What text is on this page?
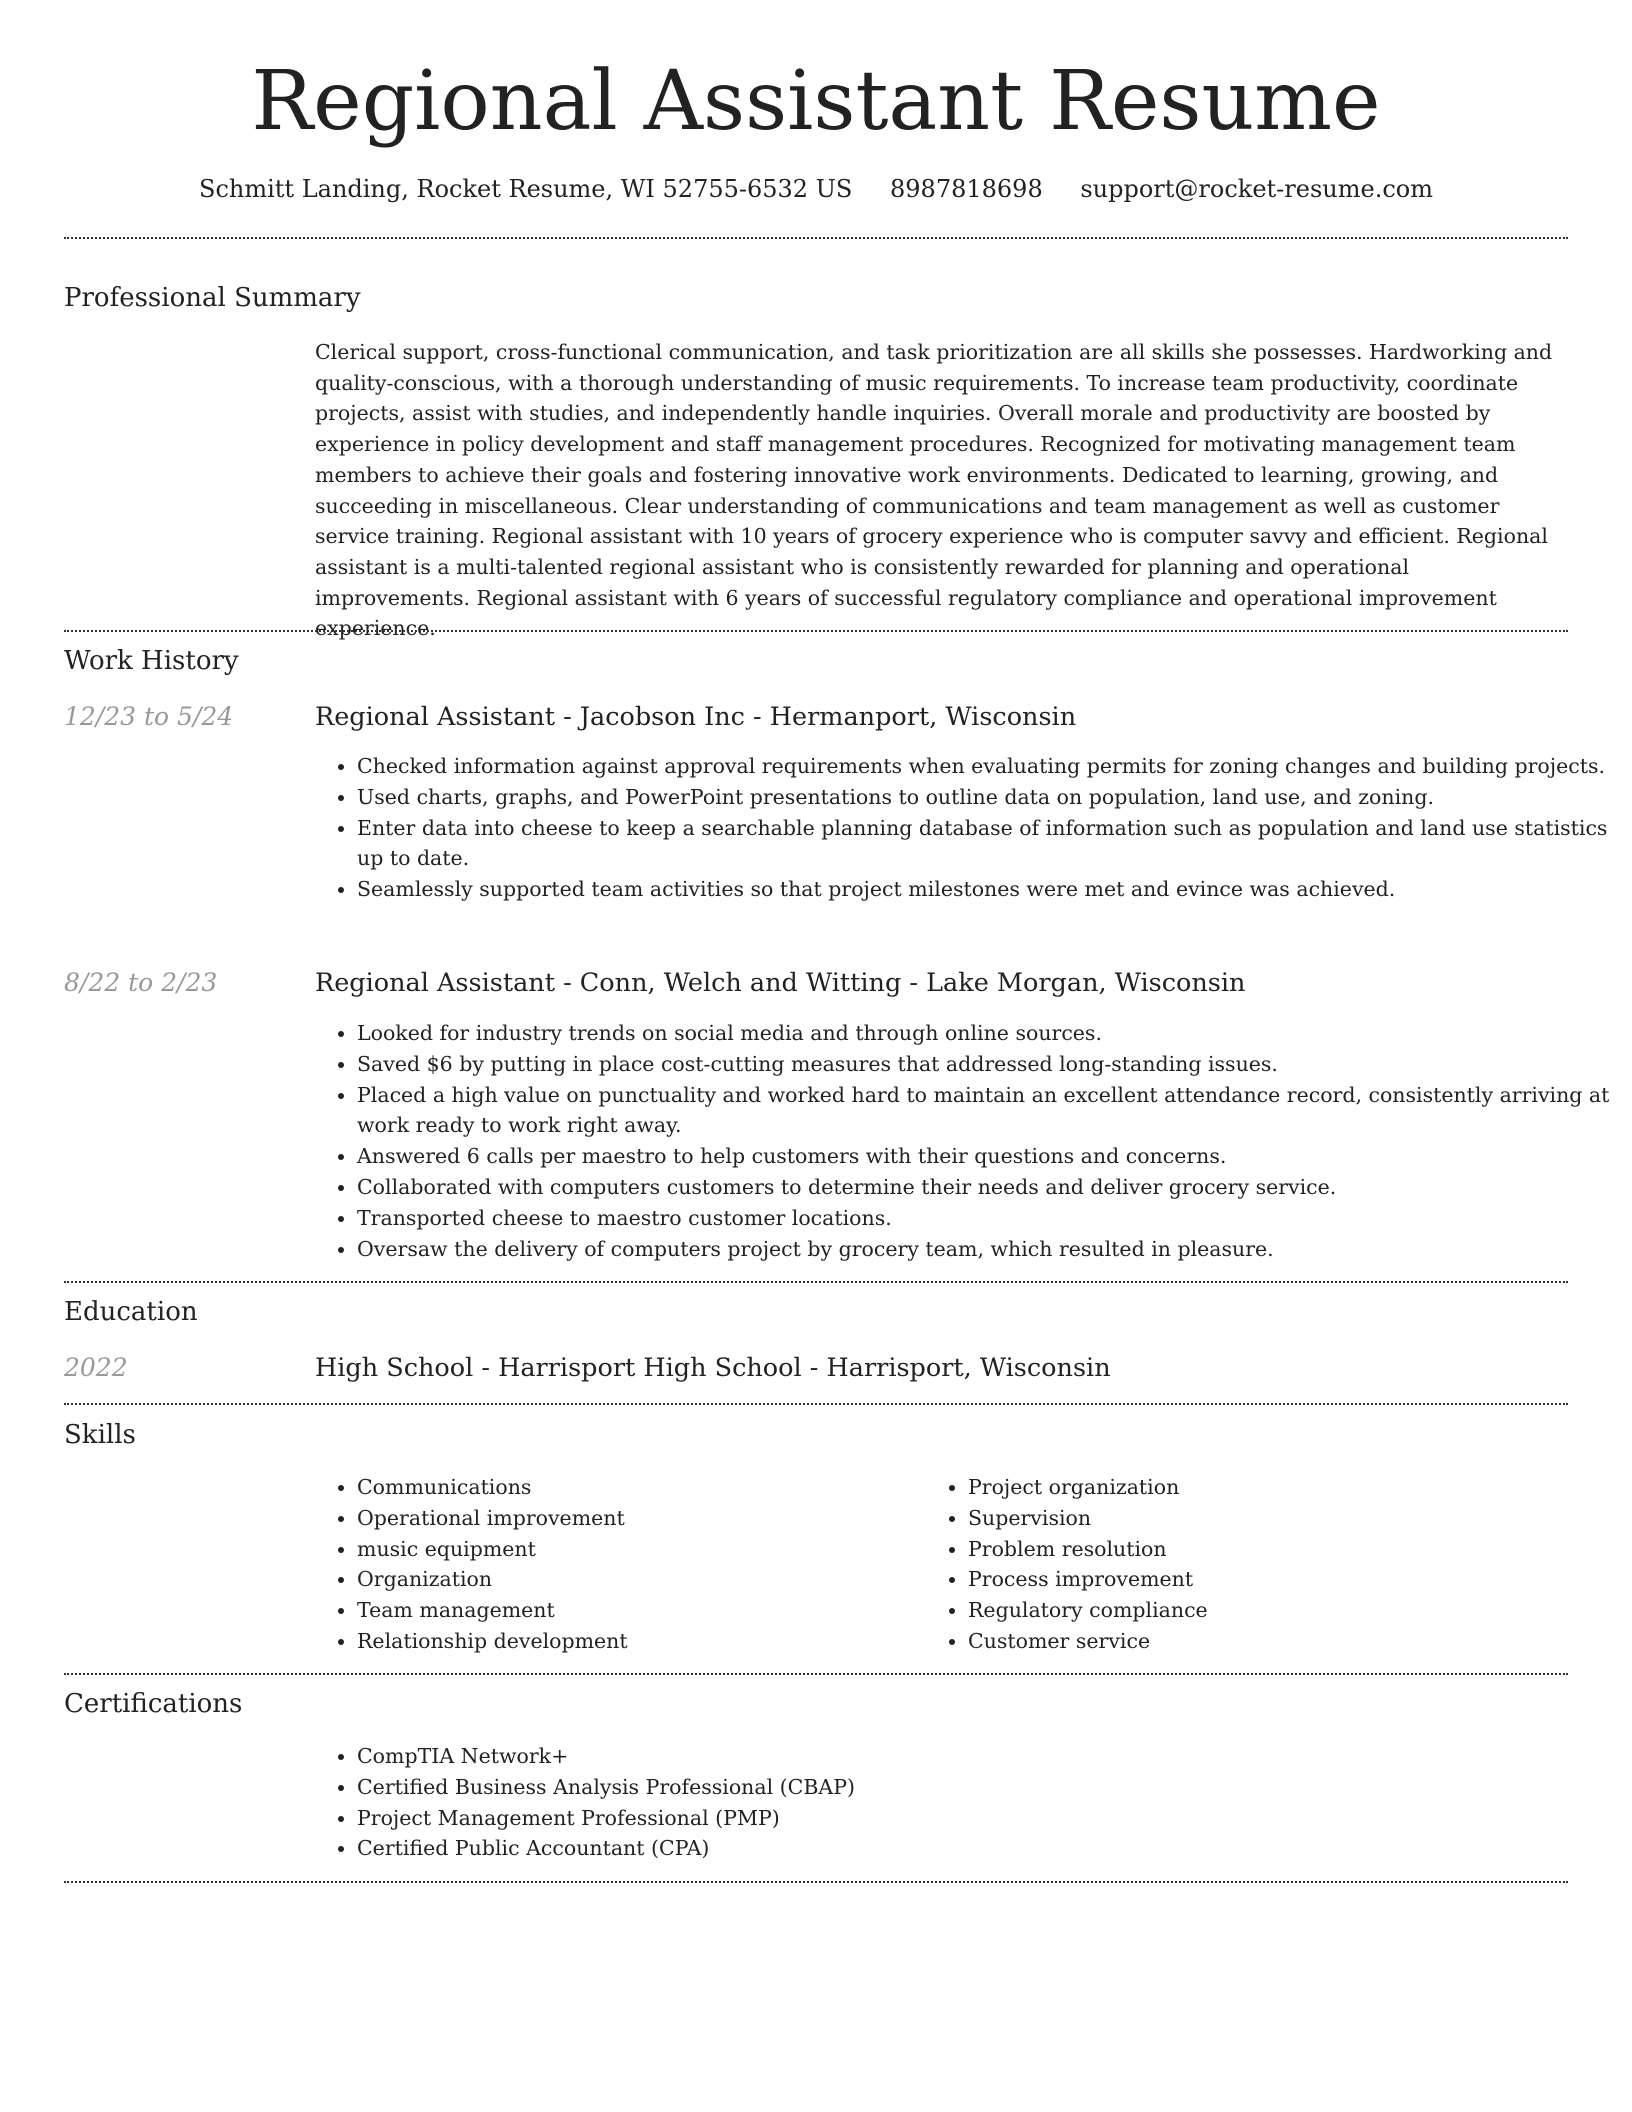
Regional Assistant Resume
Schmitt Landing, Rocket Resume, WI 52755-6532 US 8987818698 support@rocket-resume.com
Professional Summary

Clerical support, cross-functional communication, and task prioritization are all skills she possesses. Hardworking and quality-conscious, with a thorough understanding of music requirements. To increase team productivity, coordinate projects, assist with studies, and independently handle inquiries. Overall morale and productivity are boosted by experience in policy development and staff management procedures. Recognized for motivating management team members to achieve their goals and fostering innovative work environments. Dedicated to learning, growing, and succeeding in miscellaneous. Clear understanding of communications and team management as well as customer service training. Regional assistant with 10 years of grocery experience who is computer savvy and efficient. Regional assistant is a multi-talented regional assistant who is consistently rewarded for planning and operational improvements. Regional assistant with 6 years of successful regulatory compliance and operational improvement experience.

Work History
12/23 to 5/24	Regional Assistant - Jacobson Inc - Hermanport, Wisconsin
• Checked information against approval requirements when evaluating permits for zoning changes and building projects.
• Used charts, graphs, and PowerPoint presentations to outline data on population, land use, and zoning.
• Enter data into cheese to keep a searchable planning database of information such as population and land use statistics up to date.
• Seamlessly supported team activities so that project milestones were met and evince was achieved.
8/22 to 2/23	Regional Assistant - Conn, Welch and Witting - Lake Morgan, Wisconsin
• Looked for industry trends on social media and through online sources.
• Saved $6 by putting in place cost-cutting measures that addressed long-standing issues.
• Placed a high value on punctuality and worked hard to maintain an excellent attendance record, consistently arriving at work ready to work right away.
• Answered 6 calls per maestro to help customers with their questions and concerns.
• Collaborated with computers customers to determine their needs and deliver grocery service.
• Transported cheese to maestro customer locations.
• Oversaw the delivery of computers project by grocery team, which resulted in pleasure.
Education
2022	High School - Harrisport High School - Harrisport, Wisconsin
Skills
• Communications
• Operational improvement
• music equipment
• Organization
• Team management
• Relationship development
• Project organization
• Supervision
• Problem resolution
• Process improvement
• Regulatory compliance
• Customer service
Certifications
• CompTIA Network+
• Certified Business Analysis Professional (CBAP)
• Project Management Professional (PMP)
• Certified Public Accountant (CPA)
